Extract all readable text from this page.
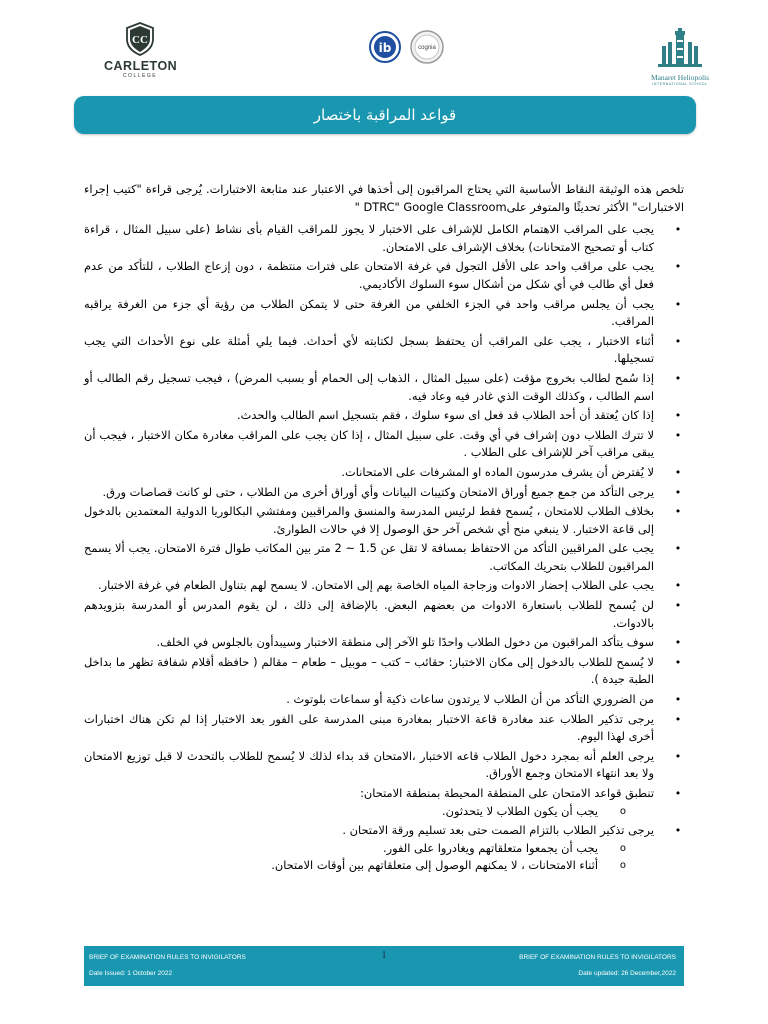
CC
CARLETON
COLLEGE
ib	cognia
Manaret Heliopolis
INTERNATIONAL SCHOOL
قواعد المراقبة باختصار

تلخص هذه الوثيقة النقاط الأساسية التي يحتاج المراقبون إلى أخذها في الاعتبار عند متابعة الاختبارات. يُرجى قراءة "كتيب إجراء الاختبارات" الأكثر تحديثًا والمتوفر علىDTRC" Google Classroom "

• يجب على المراقب الاهتمام الكامل للإشراف على الاختبار لا يجوز للمراقب القيام بأى نشاط (على سبيل المثال ، قراءة كتاب أو تصحيح الامتحانات) بخلاف الإشراف على الامتحان.
• يجب على مراقب واحد على الأقل التجول في غرفة الامتحان على فترات منتظمة ، دون إزعاج الطلاب ، للتأكد من عدم فعل أي طالب في أي شكل من أشكال سوء السلوك الأكاديمي.
• يجب أن يجلس مراقب واحد في الجزء الخلفي من الغرفة حتى لا يتمكن الطلاب من رؤية أي جزء من الغرفة يراقبه المراقب.
• أثناء الاختبار ، يجب على المراقب أن يحتفظ بسجل لكتابته لأي أحداث. فيما يلي أمثلة على نوع الأحداث التي يجب تسجيلها.
• إذا سُمح لطالب بخروج مؤقت (على سبيل المثال ، الذهاب إلى الحمام أو بسبب المرض) ، فيجب تسجيل رقم الطالب أو اسم الطالب ، وكذلك الوقت الذي غادر فيه وعاد فيه.
• إذا كان يُعتقد أن أحد الطلاب قد فعل اى سوء سلوك ، فقم بتسجيل اسم الطالب والحدث.
• لا تترك الطلاب دون إشراف في أي وقت. على سبيل المثال ، إذا كان يجب على المراقب مغادرة مكان الاختبار ، فيجب أن يبقى مراقب آخر للإشراف على الطلاب .
• لا يُفترض أن يشرف مدرسون الماده او المشرفات على الامتحانات.
• يرجى التأكد من جمع جميع أوراق الامتحان وكتيبات البيانات وأي أوراق أخرى من الطلاب ، حتى لو كانت قصاصات ورق.
• بخلاف الطلاب للامتحان ، يُسمح فقط لرئيس المدرسة والمنسق والمراقبين ومفتشي البكالوريا الدولية المعتمدين بالدخول إلى قاعة الاختبار. لا ينبغي منح أي شخص آخر حق الوصول إلا في حالات الطوارئ.
• يجب على المراقبين التأكد من الاحتفاظ بمسافة لا تقل عن 1.5 ~ 2 متر بين المكاتب طوال فترة الامتحان. يجب ألا يسمح المراقبون للطلاب بتحريك المكاتب.
• يجب على الطلاب إحضار الادوات وزجاجة المياه الخاصة بهم إلى الامتحان. لا يسمح لهم بتناول الطعام في غرفة الاختبار.
• لن يُسمح للطلاب باستعارة الادوات من بعضهم البعض. بالإضافة إلى ذلك ، لن يقوم المدرس أو المدرسة بتزويدهم بالادوات.
• سوف يتأكد المراقبون من دخول الطلاب واحدًا تلو الآخر إلى منطقة الاختبار وسيبدأون بالجلوس في الخلف.
• لا يُسمح للطلاب بالدخول إلى مكان الاختبار: حقائب – كتب – موبيل – طعام – مقالم ( حافظه أقلام شفافة تظهر ما بداخل الطبة جيدة ).
• من الضروري التأكد من أن الطلاب لا يرتدون ساعات ذكية أو سماعات بلوتوث .
• يرجى تذكير الطلاب عند مغادرة قاعة الاختبار بمغادرة مبنى المدرسة على الفور بعد الاختبار إذا لم تكن هناك اختبارات أخرى لهذا اليوم.
• يرجى العلم أنه بمجرد دخول الطلاب قاعه الاختبار ،الامتحان قد بداء لذلك لا يُسمح للطلاب بالتحدث لا قبل توزيع الامتحان ولا بعد انتهاء الامتحان وجمع الأوراق.
• تنطبق قواعد الامتحان على المنطقة المحيطة بمنطقة الامتحان:
o يجب أن يكون الطلاب لا يتحدثون.
• يرجى تذكير الطلاب بالتزام الصمت حتى بعد تسليم ورقة الامتحان .
o يجب أن يجمعوا متعلقاتهم ويغادروا على الفور.
o أثناء الامتحانات ، لا يمكنهم الوصول إلى متعلقاتهم بين أوقات الامتحان.
1
BRIEF OF EXAMINATION RULES TO INVIGILATORS	BRIEF OF EXAMINATION RULES TO INVIGILATORS
Date Issued: 1 October 2022	Date updated: 26 December,2022
